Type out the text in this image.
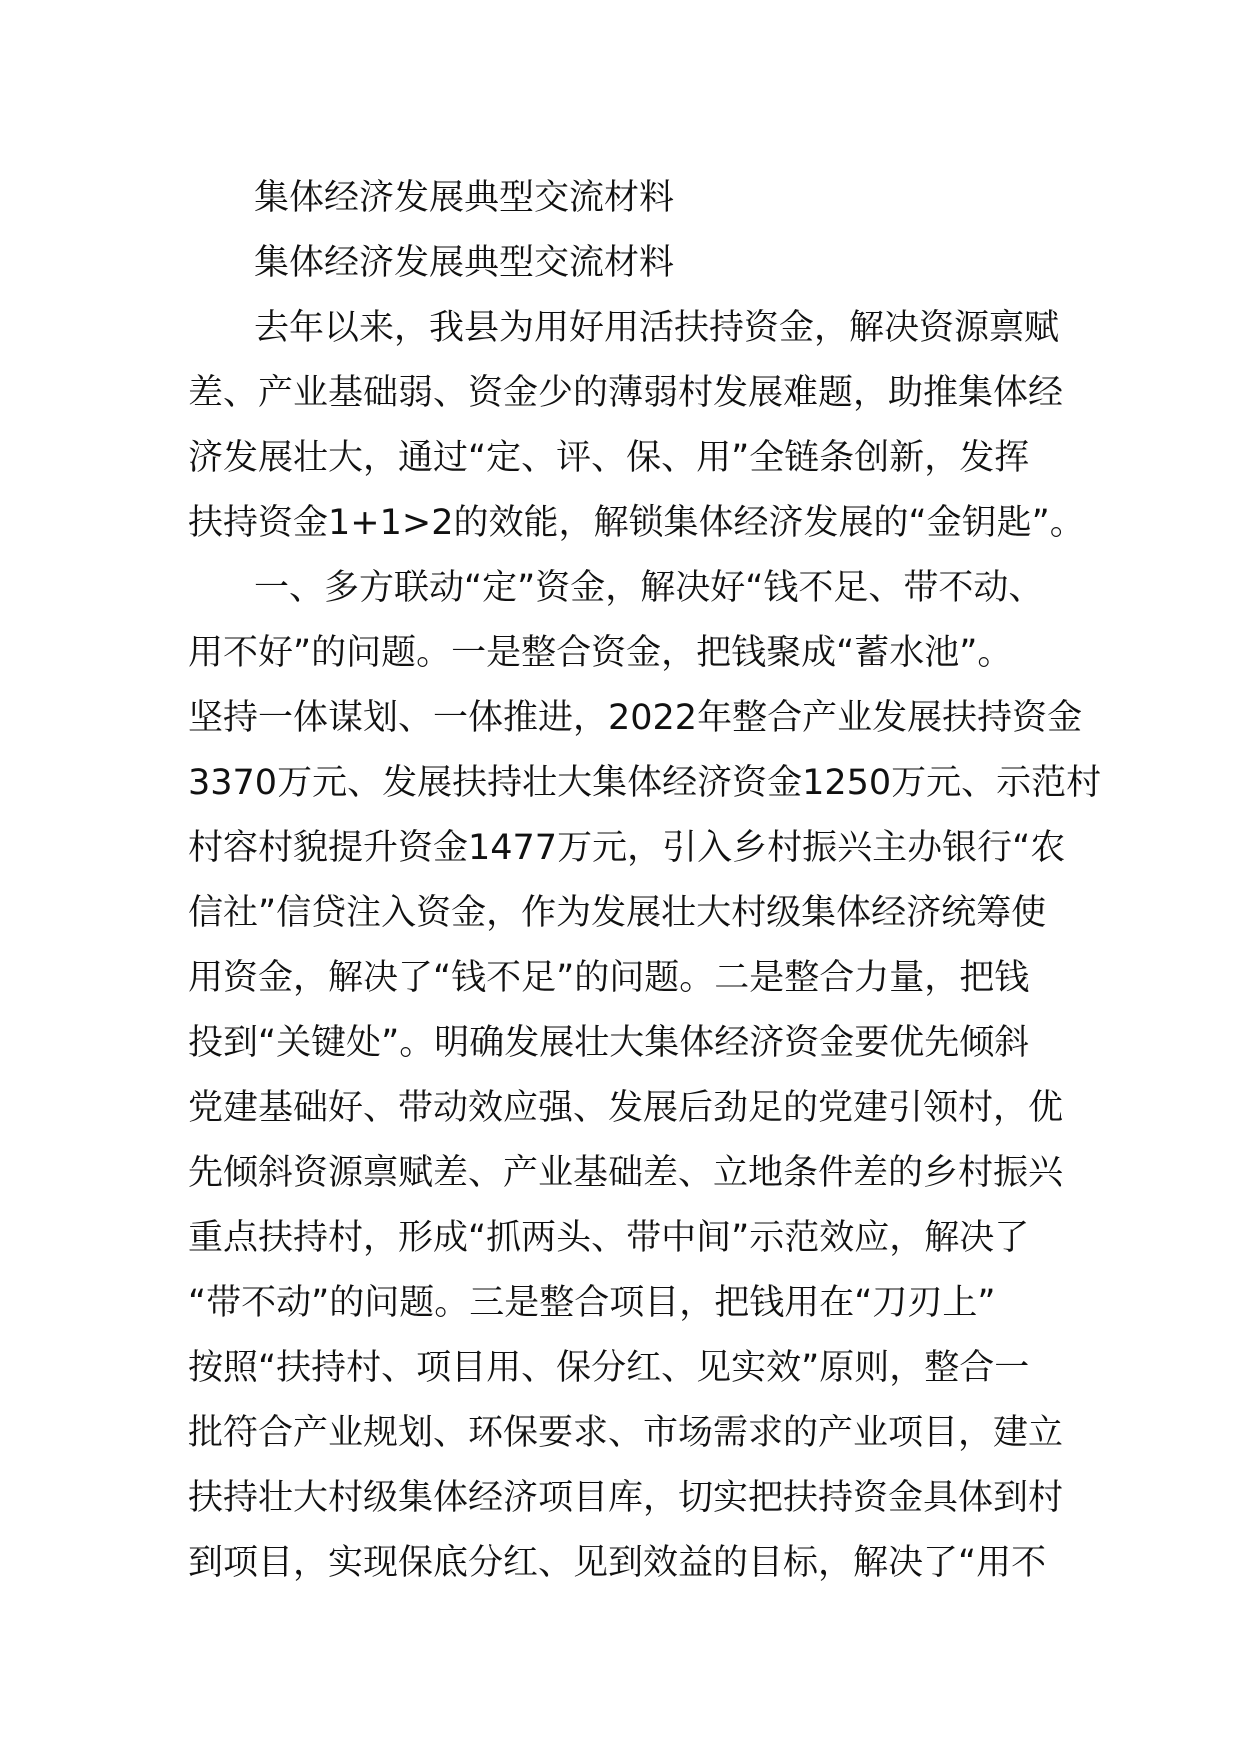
集体经济发展典型交流材料
集体经济发展典型交流材料
去年以来，我县为用好用活扶持资金，解决资源禀赋
差、产业基础弱、资金少的薄弱村发展难题，助推集体经
济发展壮大，通过“定、评、保、用”全链条创新，发挥
扶持资金1+1>2的效能，解锁集体经济发展的“金钥匙”。
一、多方联动“定”资金，解决好“钱不足、带不动、
用不好”的问题。一是整合资金，把钱聚成“蓄水池”。
坚持一体谋划、一体推进，2022年整合产业发展扶持资金
3370万元、发展扶持壮大集体经济资金1250万元、示范村
村容村貌提升资金1477万元，引入乡村振兴主办银行“农
信社”信贷注入资金，作为发展壮大村级集体经济统筹使
用资金，解决了“钱不足”的问题。二是整合力量，把钱
投到“关键处”。明确发展壮大集体经济资金要优先倾斜
党建基础好、带动效应强、发展后劲足的党建引领村，优
先倾斜资源禀赋差、产业基础差、立地条件差的乡村振兴
重点扶持村，形成“抓两头、带中间”示范效应，解决了
“带不动”的问题。三是整合项目，把钱用在“刀刃上”
按照“扶持村、项目用、保分红、见实效”原则，整合一
批符合产业规划、环保要求、市场需求的产业项目，建立
扶持壮大村级集体经济项目库，切实把扶持资金具体到村
到项目，实现保底分红、见到效益的目标，解决了“用不
